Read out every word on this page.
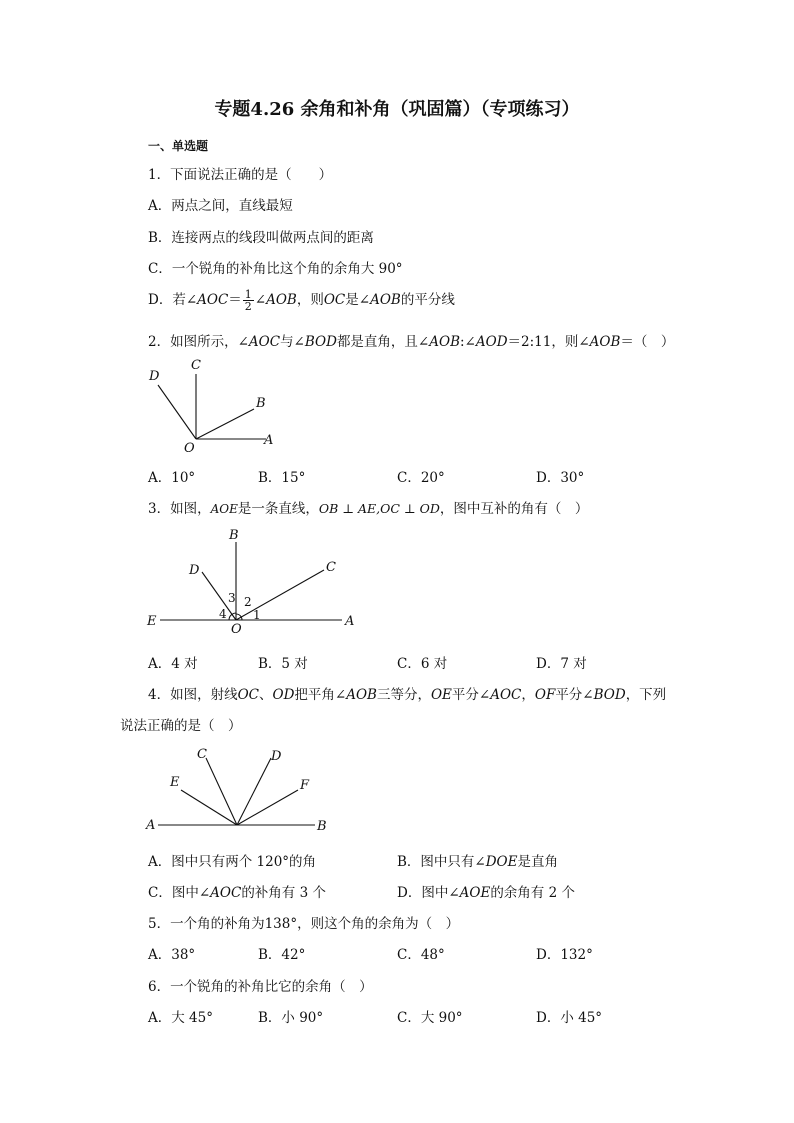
专题4.26 余角和补角（巩固篇）（专项练习）
一、单选题
1．下面说法正确的是（　　）
A．两点之间，直线最短
B．连接两点的线段叫做两点间的距离
C．一个锐角的补角比这个角的余角大 90°
D．若∠AOC＝ $\frac{1}{2}$ ∠AOB，则OC是∠AOB的平分线
2．如图所示，∠AOC与∠BOD都是直角，且∠AOB:∠AOD＝2:11，则∠AOB＝（　）
D
C
B
O
A
A．10°	B．15°	C．20°	D．30°
3．如图，AOE是一条直线，OB ⊥ AE,OC ⊥ OD，图中互补的角有（　）
B
D	C
E
O
A
1
2
3
4
A．4 对	B．5 对	C．6 对	D．7 对
4．如图，射线OC、OD把平角∠AOB三等分，OE平分∠AOC，OF平分∠BOD，下列
说法正确的是（　）
C	D
E	F
A	B
A．图中只有两个 120°的角	B．图中只有∠DOE是直角
C．图中∠AOC的补角有 3 个	D．图中∠AOE的余角有 2 个
5．一个角的补角为138°，则这个角的余角为（　）
A．38°	B．42°	C．48°	D．132°
6．一个锐角的补角比它的余角（　）
A．大 45°	B．小 90°	C．大 90°	D．小 45°
